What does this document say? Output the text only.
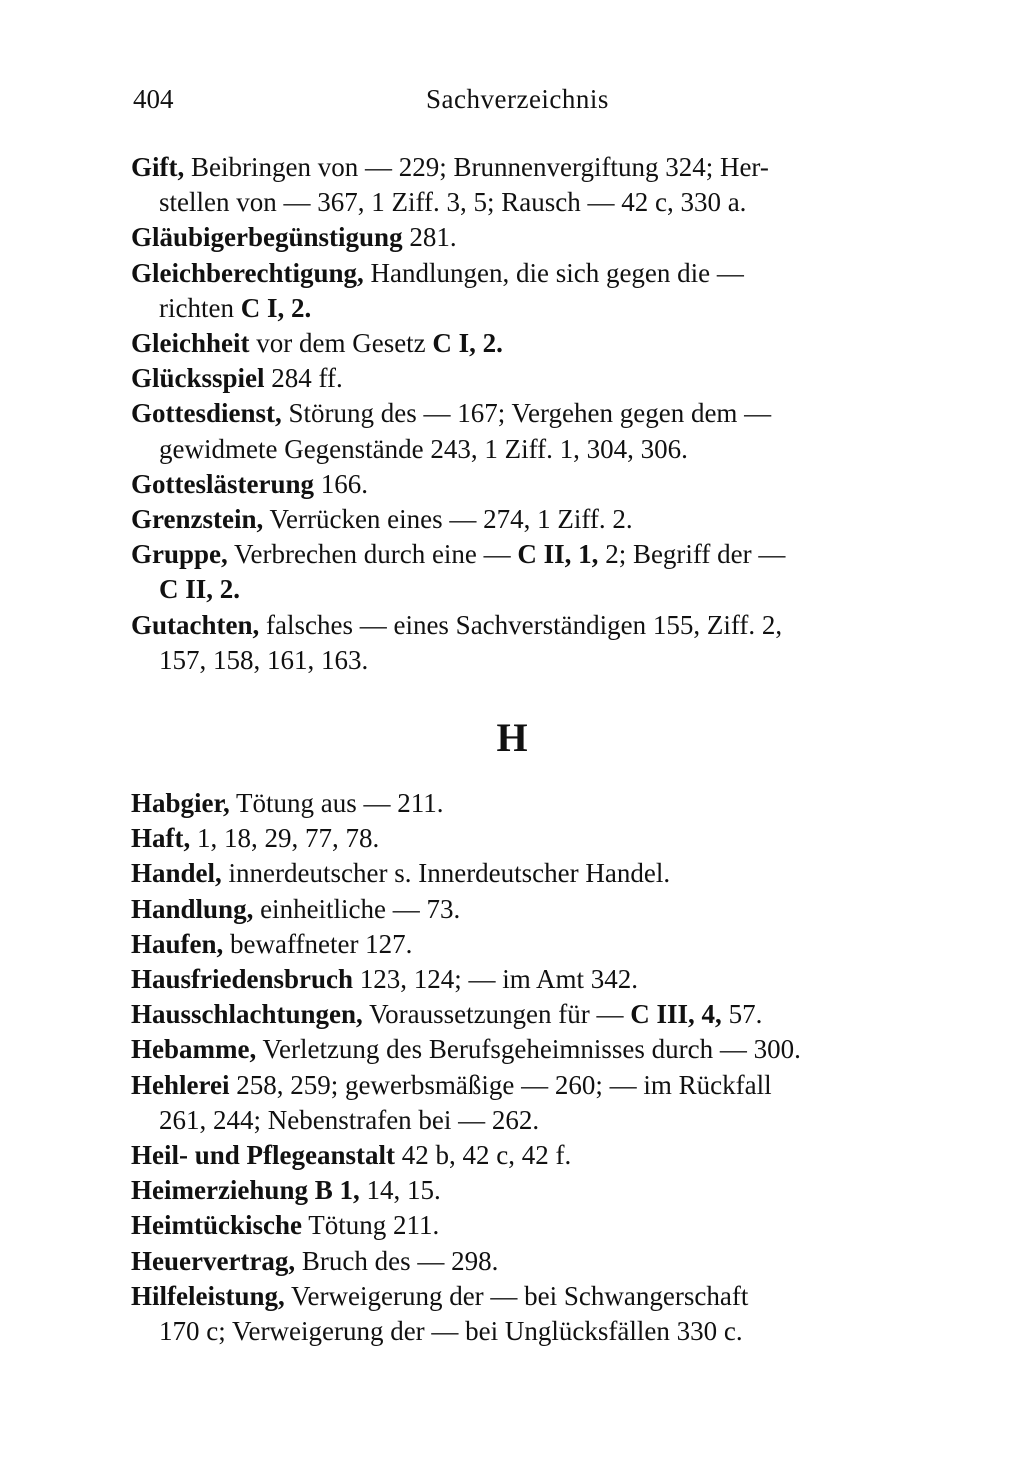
404	Sachverzeichnis
Gift, Beibringen von — 229; Brunnenvergiftung 324; Her-
stellen von — 367, 1 Ziff. 3, 5; Rausch — 42 c, 330 a.
Gläubigerbegünstigung 281.
Gleichberechtigung, Handlungen, die sich gegen die —
richten C I, 2.
Gleichheit vor dem Gesetz C I, 2.
Glücksspiel 284 ff.
Gottesdienst, Störung des — 167; Vergehen gegen dem —
gewidmete Gegenstände 243, 1 Ziff. 1, 304, 306.
Gotteslästerung 166.
Grenzstein, Verrücken eines — 274, 1 Ziff. 2.
Gruppe, Verbrechen durch eine — C II, 1, 2; Begriff der —
C II, 2.
Gutachten, falsches — eines Sachverständigen 155, Ziff. 2,
157, 158, 161, 163.
H
Habgier, Tötung aus — 211.
Haft, 1, 18, 29, 77, 78.
Handel, innerdeutscher s. Innerdeutscher Handel.
Handlung, einheitliche — 73.
Haufen, bewaffneter 127.
Hausfriedensbruch 123, 124; — im Amt 342.
Hausschlachtungen, Voraussetzungen für — C III, 4, 57.
Hebamme, Verletzung des Berufsgeheimnisses durch — 300.
Hehlerei 258, 259; gewerbsmäßige — 260; — im Rückfall
261, 244; Nebenstrafen bei — 262.
Heil- und Pflegeanstalt 42 b, 42 c, 42 f.
Heimerziehung B 1, 14, 15.
Heimtückische Tötung 211.
Heuervertrag, Bruch des — 298.
Hilfeleistung, Verweigerung der — bei Schwangerschaft
170 c; Verweigerung der — bei Unglücksfällen 330 c.
